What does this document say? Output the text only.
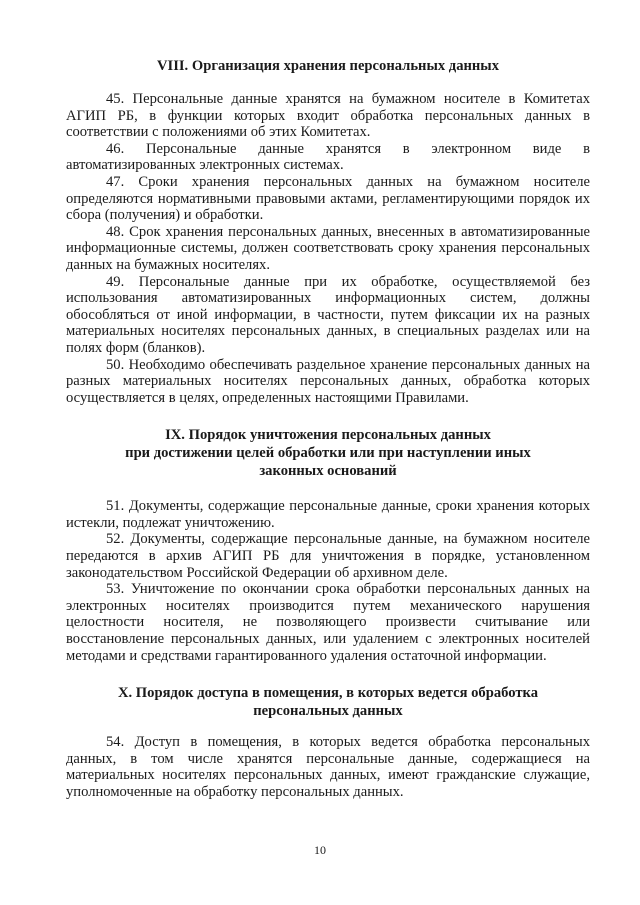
VIII. Организация хранения персональных данных

45. Персональные данные хранятся на бумажном носителе в Комитетах АГИП РБ, в функции которых входит обработка персональных данных в соответствии с положениями об этих Комитетах.

46. Персональные данные хранятся в электронном виде в автоматизированных электронных системах.

47. Сроки хранения персональных данных на бумажном носителе определяются нормативными правовыми актами, регламентирующими порядок их сбора (получения) и обработки.

48. Срок хранения персональных данных, внесенных в автоматизированные информационные системы, должен соответствовать сроку хранения персональных данных на бумажных носителях.

49. Персональные данные при их обработке, осуществляемой без использования автоматизированных информационных систем, должны обособляться от иной информации, в частности, путем фиксации их на разных материальных носителях персональных данных, в специальных разделах или на полях форм (бланков).

50. Необходимо обеспечивать раздельное хранение персональных данных на разных материальных носителях персональных данных, обработка которых осуществляется в целях, определенных настоящими Правилами.

IX. Порядок уничтожения персональных данных
при достижении целей обработки или при наступлении иных
законных оснований

51. Документы, содержащие персональные данные, сроки хранения которых истекли, подлежат уничтожению.

52. Документы, содержащие персональные данные, на бумажном носителе передаются в архив АГИП РБ для уничтожения в порядке, установленном законодательством Российской Федерации об архивном деле.

53. Уничтожение по окончании срока обработки персональных данных на электронных носителях производится путем механического нарушения целостности носителя, не позволяющего произвести считывание или восстановление персональных данных, или удалением с электронных носителей методами и средствами гарантированного удаления остаточной информации.

X. Порядок доступа в помещения, в которых ведется обработка
персональных данных

54. Доступ в помещения, в которых ведется обработка персональных данных, в том числе хранятся персональные данные, содержащиеся на материальных носителях персональных данных, имеют гражданские служащие, уполномоченные на обработку персональных данных.

10
